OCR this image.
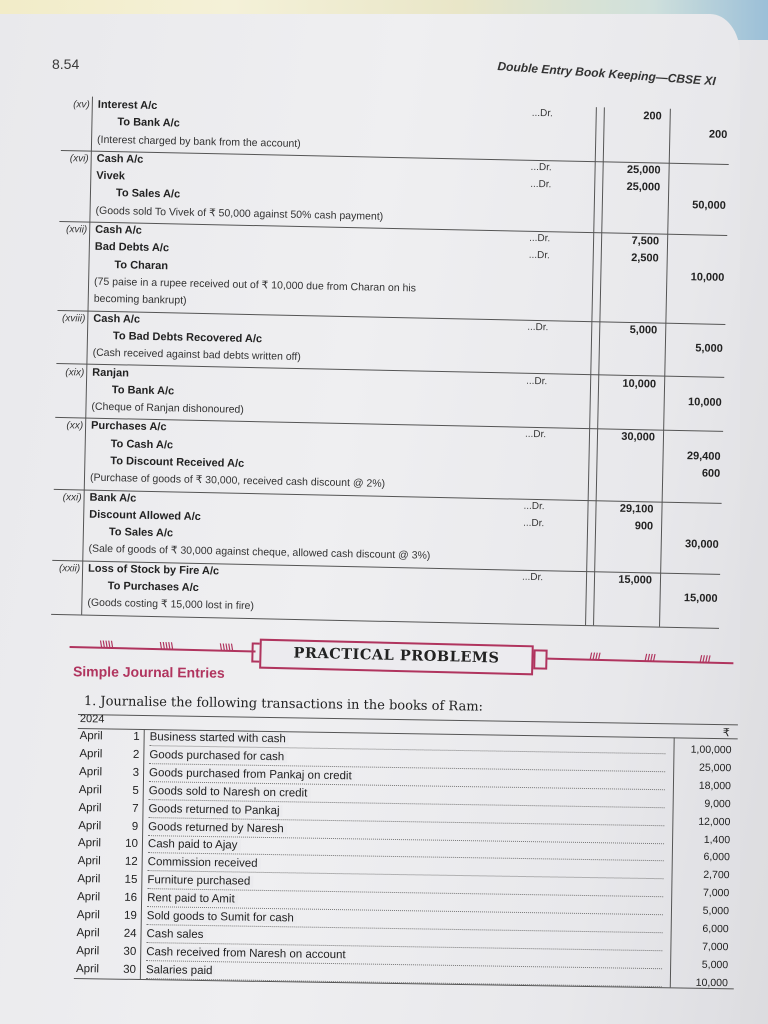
8.54	Double Entry Book Keeping—CBSE XI
(xv) Interest A/c
...Dr.	200
To Bank A/c
200
(Interest charged by bank from the account)
(xvi) Cash A/c
...Dr.	25,000
Vivek
...Dr.	25,000
To Sales A/c
50,000
(Goods sold To Vivek of ₹ 50,000 against 50% cash payment)
(xvii) Cash A/c
...Dr.	7,500
Bad Debts A/c
...Dr.	2,500
To Charan
10,000
(75 paise in a rupee received out of ₹ 10,000 due from Charan on his
becoming bankrupt)
(xviii) Cash A/c
...Dr.	5,000
To Bad Debts Recovered A/c
5,000
(Cash received against bad debts written off)
(xix) Ranjan
...Dr.	10,000
To Bank A/c
10,000
(Cheque of Ranjan dishonoured)
(xx) Purchases A/c
...Dr.	30,000
To Cash A/c
29,400
To Discount Received A/c
600
(Purchase of goods of ₹ 30,000, received cash discount @ 2%)
(xxi) Bank A/c
...Dr.	29,100
Discount Allowed A/c
...Dr.	900
To Sales A/c
30,000
(Sale of goods of ₹ 30,000 against cheque, allowed cash discount @ 3%)
(xxii) Loss of Stock by Fire A/c
...Dr.	15,000
To Purchases A/c
15,000
(Goods costing ₹ 15,000 lost in fire)
\\\\\	\\\\\	\\\\\	PRACTICAL PROBLEMS	////	////	////
Simple Journal Entries
1. Journalise the following transactions in the books of Ram:
2024
₹
April	1 Business started with cash
1,00,000
April	2 Goods purchased for cash
25,000
April	3 Goods purchased from Pankaj on credit
18,000
April	5 Goods sold to Naresh on credit
9,000
April	7 Goods returned to Pankaj
12,000
April	9 Goods returned by Naresh
1,400
April	10 Cash paid to Ajay
6,000
April	12 Commission received
2,700
April	15 Furniture purchased
7,000
April	16 Rent paid to Amit
5,000
April	19 Sold goods to Sumit for cash
6,000
April	24 Cash sales
7,000
April	30 Cash received from Naresh on account
5,000
April	30 Salaries paid
10,000
